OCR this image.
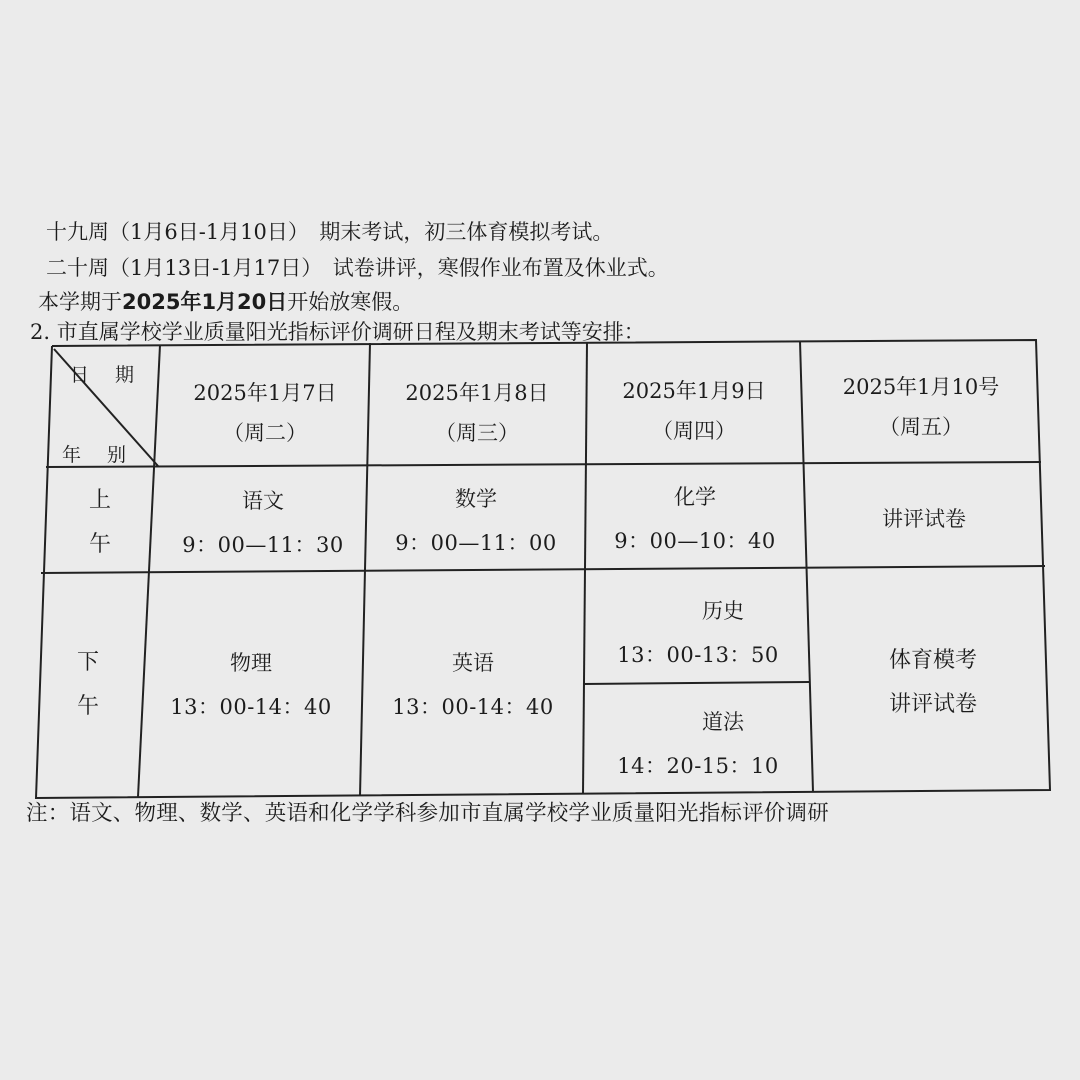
十九周（1月6日-1月10日）　期末考试，初三体育模拟考试。
二十周（1月13日-1月17日）　试卷讲评，寒假作业布置及休业式。
本学期于2025年1月20日开始放寒假。
2. 市直属学校学业质量阳光指标评价调研日程及期末考试等安排：
日 期
年 别
2025年1月7日
（周二）
2025年1月8日
（周三）
2025年1月9日
（周四）
2025年1月10号
（周五）
上
午
下
午
语文
9：00—11：30
数学
9：00—11：00
化学
9：00—10：40
讲评试卷
物理
13：00-14：40
英语
13：00-14：40
历史
13：00-13：50
道法
14：20-15：10
体育模考
讲评试卷
注：语文、物理、数学、英语和化学学科参加市直属学校学业质量阳光指标评价调研
